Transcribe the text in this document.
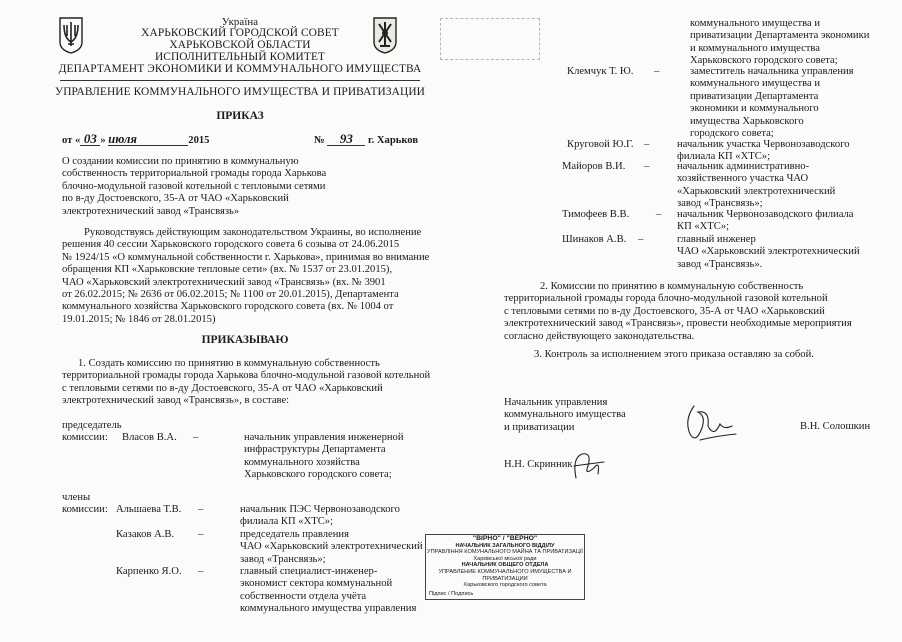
Україна
ХАРЬКОВСКИЙ ГОРОДСКОЙ СОВЕТ
ХАРЬКОВСКОЙ ОБЛАСТИ
ИСПОЛНИТЕЛЬНЫЙ КОМИТЕТ
ДЕПАРТАМЕНТ ЭКОНОМИКИ И КОММУНАЛЬНОГО ИМУЩЕСТВА
УПРАВЛЕНИЕ КОММУНАЛЬНОГО ИМУЩЕСТВА И ПРИВАТИЗАЦИИ
ПРИКАЗ
от « 03 » июля	2015	№ 93 г. Харьков
О создании комиссии по принятию в коммунальную
собственность территориальной громады города Харькова
блочно-модульной газовой котельной с тепловыми сетями
по в-ду Достоевского, 35-А от ЧАО «Харьковский
электротехнический завод «Трансвязь»
Руководствуясь действующим законодательством Украины, во исполнение
решения 40 сессии Харьковского городского совета 6 созыва от 24.06.2015
№ 1924/15 «О коммунальной собственности г. Харькова», принимая во внимание
обращения КП «Харьковские тепловые сети» (вх. № 1537 от 23.01.2015),
ЧАО «Харьковский электротехнический завод «Трансвязь» (вх. № 3901
от 26.02.2015; № 2636 от 06.02.2015; № 1100 от 20.01.2015), Департамента
коммунального хозяйства Харьковского городского совета (вх. № 1004 от
19.01.2015; № 1846 от 28.01.2015)
ПРИКАЗЫВАЮ
1. Создать комиссию по принятию в коммунальную собственность
территориальной громады города Харькова блочно-модульной газовой котельной
с тепловыми сетями по в-ду Достоевского, 35-А от ЧАО «Харьковский
электротехнический завод «Трансвязь», в составе:
председатель
комиссии:	Власов В.А. –	начальник управления инженерной
инфраструктуры Департамента
коммунального хозяйства
Харьковского городского совета;
члены
комиссии: Альшаева Т.В. –	начальник ПЭС Червонозаводского
филиала КП «ХТС»;
Казаков А.В. –	председатель правления
ЧАО «Харьковский электротехнический
завод «Трансвязь»;
Карпенко Я.О. –	главный специалист-инженер-
экономист сектора коммунальной
собственности отдела учёта
коммунального имущества управления
"ВІРНО" / "ВЕРНО"
НАЧАЛЬНИК ЗАГАЛЬНОГО ВІДДІЛУ
УПРАВЛІННЯ КОМУНАЛЬНОГО МАЙНА ТА ПРИВАТИЗАЦІЇ
Харківської міської ради
НАЧАЛЬНИК ОБЩЕГО ОТДЕЛА
УПРАВЛЕНИЕ КОММУНАЛЬНОГО ИМУЩЕСТВА И ПРИВАТИЗАЦИИ
Харьковского городского совета
Підпис / Подпись
коммунального имущества и
приватизации Департамента экономики
и коммунального имущества
Харьковского городского совета;
Клемчук Т. Ю. –	заместитель начальника управления
коммунального имущества и
приватизации Департамента
экономики и коммунального
имущества Харьковского
городского совета;
Круговой Ю.Г. –	начальник участка Червонозаводского
филиала КП «ХТС»;
Майоров В.И. –	начальник административно-
хозяйственного участка ЧАО
«Харьковский электротехнический
завод «Трансвязь»;
Тимофеев В.В.	– начальник Червонозаводского филиала
КП «ХТС»;
Шинаков А.В. –	главный инженер
ЧАО «Харьковский электротехнический
завод «Трансвязь».
2. Комиссии по принятию в коммунальную собственность
территориальной громады города блочно-модульной газовой котельной
с тепловыми сетями по в-ду Достоевского, 35-А от ЧАО «Харьковский
электротехнический завод «Трансвязь», провести необходимые мероприятия
согласно действующего законодательства.
3. Контроль за исполнением этого приказа оставляю за собой.
Начальник управления
коммунального имущества
и приватизации	В.Н. Солошкин
Н.Н. Скринник
